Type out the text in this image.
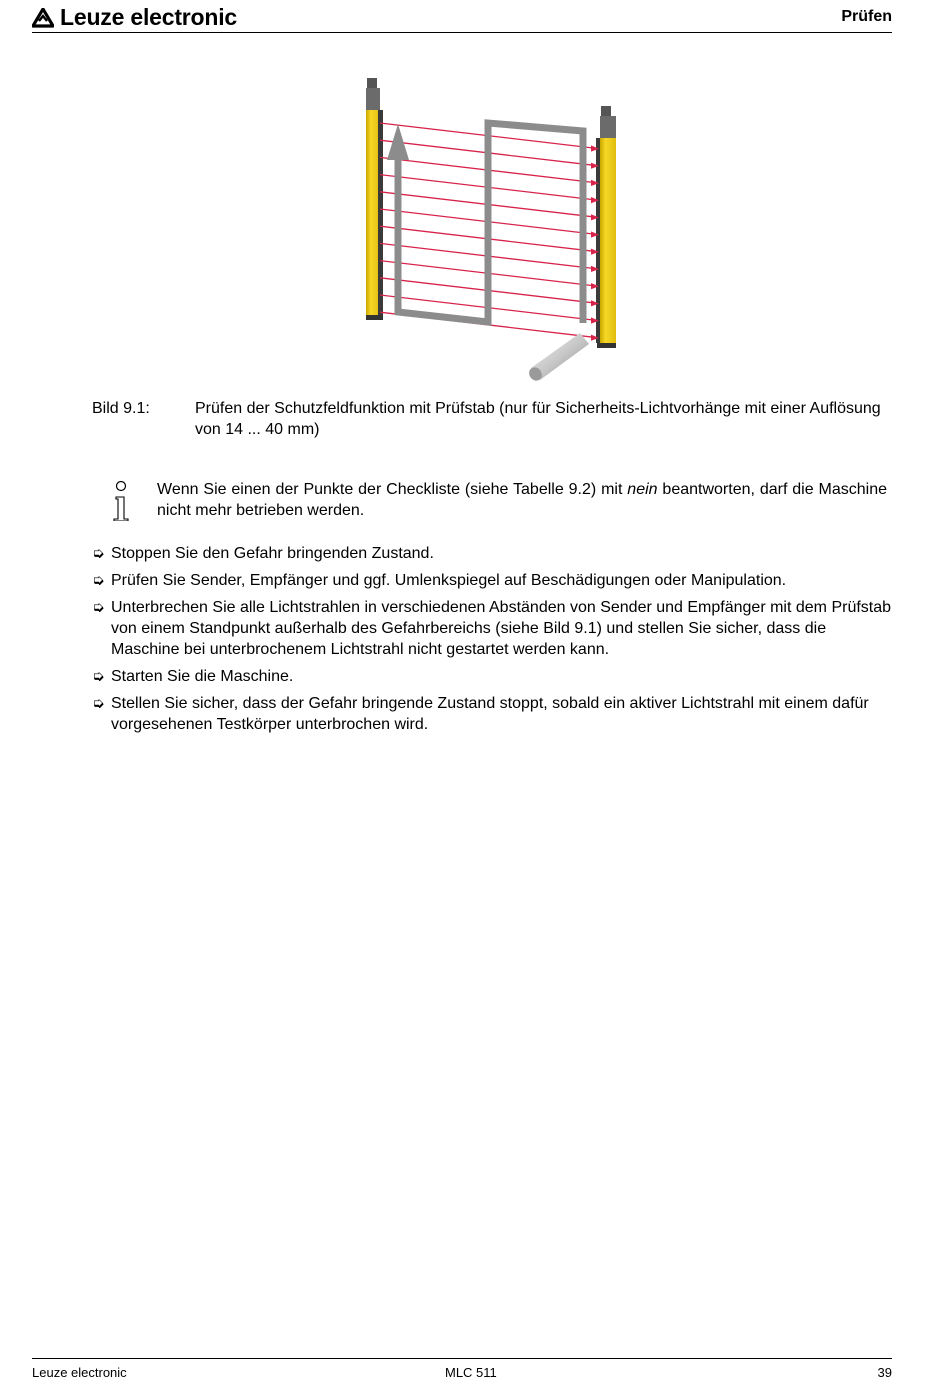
Leuze electronic	Prüfen
Bild 9.1:	Prüfen der Schutzfeldfunktion mit Prüfstab (nur für Sicherheits-Lichtvorhänge mit einer Auflösung von 14 ... 40 mm)
Wenn Sie einen der Punkte der Checkliste (siehe Tabelle 9.2) mit nein beantworten, darf die Maschine nicht mehr betrieben werden.
➭ Stoppen Sie den Gefahr bringenden Zustand.
➭ Prüfen Sie Sender, Empfänger und ggf. Umlenkspiegel auf Beschädigungen oder Manipulation.
➭ Unterbrechen Sie alle Lichtstrahlen in verschiedenen Abständen von Sender und Empfänger mit dem Prüfstab von einem Standpunkt außerhalb des Gefahrbereichs (siehe Bild 9.1) und stellen Sie sicher, dass die Maschine bei unterbrochenem Lichtstrahl nicht gestartet werden kann.
➭ Starten Sie die Maschine.
➭ Stellen Sie sicher, dass der Gefahr bringende Zustand stoppt, sobald ein aktiver Lichtstrahl mit einem dafür vorgesehenen Testkörper unterbrochen wird.
Leuze electronic	MLC 511	39
